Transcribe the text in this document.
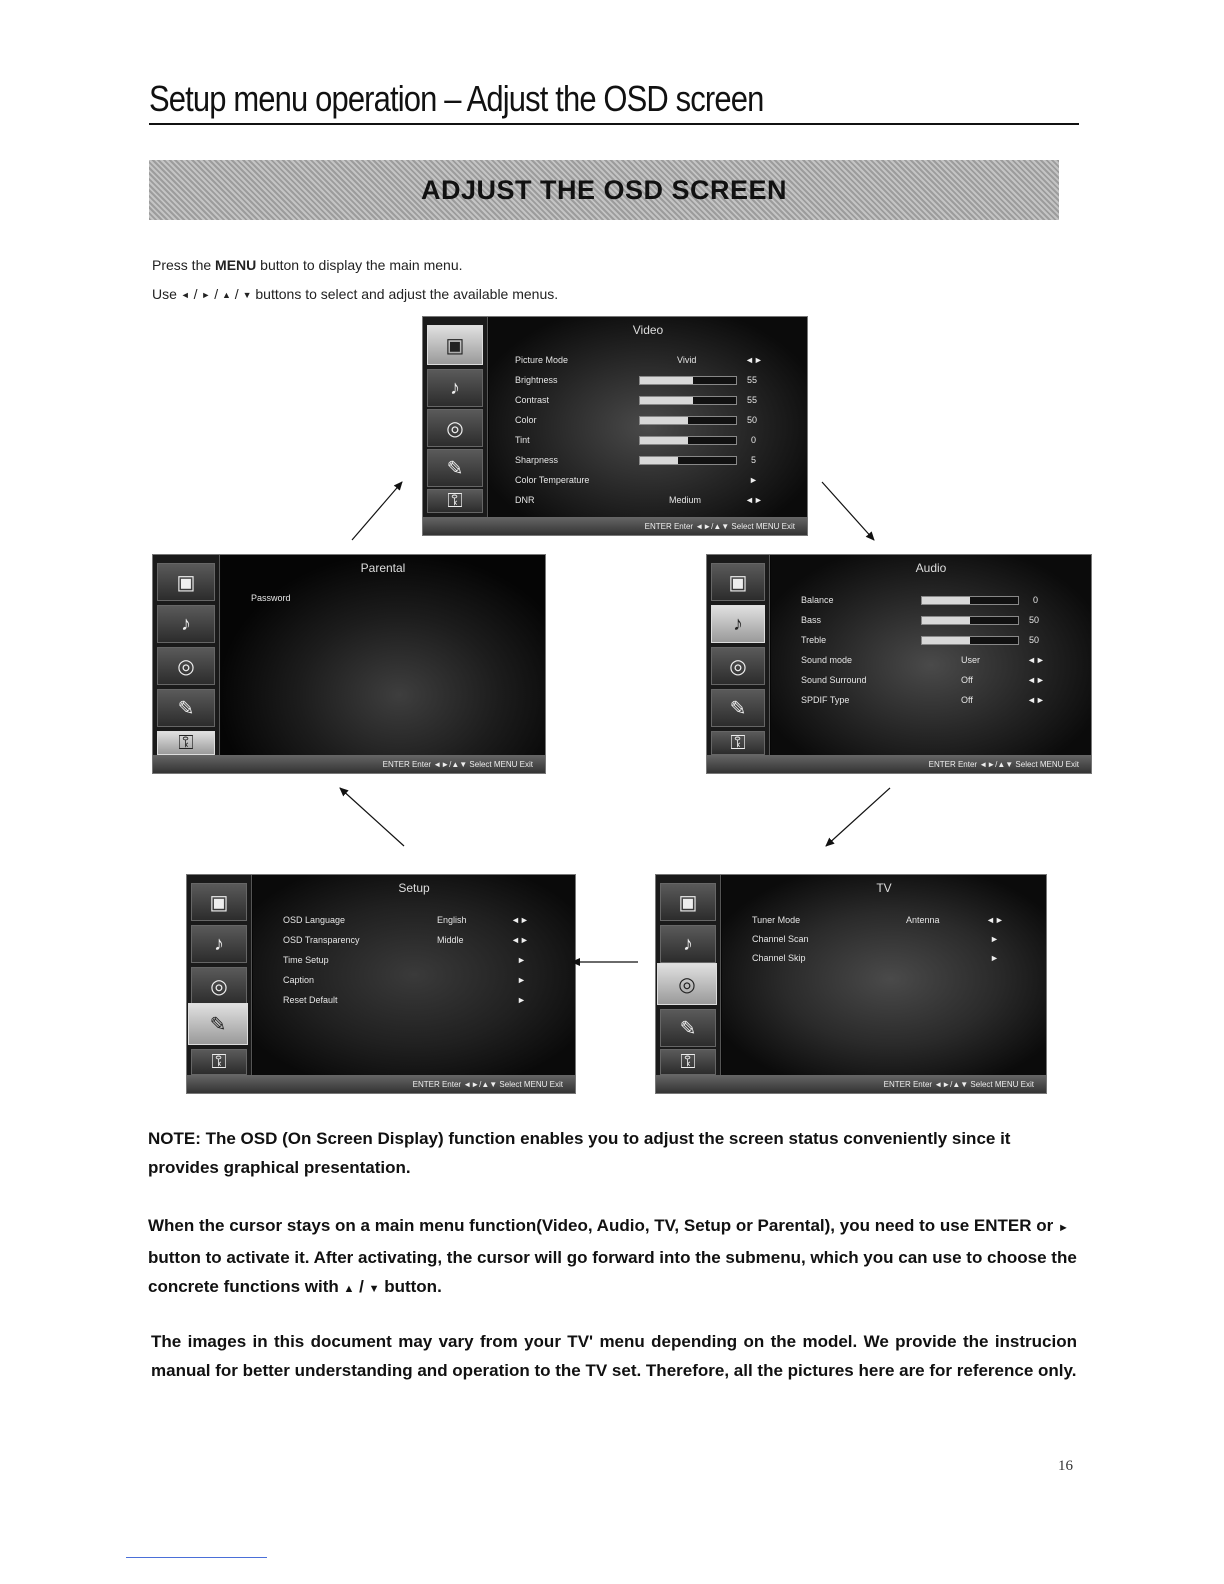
Setup menu operation – Adjust the OSD screen
ADJUST THE OSD SCREEN
Press the MENU button to display the main menu.
Use ◄ / ► / ▲ / ▼ buttons to select and adjust the available menus.
▣
♪
◎
✎
⚿
Video
Picture Mode	Vivid	◄►
Brightness	55
Contrast	55
Color	50
Tint	0
Sharpness	5
Color Temperature	►
DNR	Medium	◄►
ENTER Enter ◄►/▲▼ Select MENU Exit
▣
♪
◎
✎
⚿
Parental
Password
ENTER Enter ◄►/▲▼ Select MENU Exit
▣
♪
◎
✎
⚿
Audio
Balance	0
Bass	50
Treble	50
Sound mode	User	◄►
Sound Surround	Off	◄►
SPDIF Type	Off	◄►
ENTER Enter ◄►/▲▼ Select MENU Exit
▣
♪
◎
✎
⚿
Setup
OSD Language	English	◄►
OSD Transparency	Middle	◄►
Time Setup	►
Caption	►
Reset Default	►
ENTER Enter ◄►/▲▼ Select MENU Exit
▣
♪
◎
✎
⚿
TV
Tuner Mode	Antenna	◄►
Channel Scan	►
Channel Skip	►
ENTER Enter ◄►/▲▼ Select MENU Exit
NOTE: The OSD (On Screen Display) function enables you to adjust the screen status conveniently since it provides graphical presentation.
When the cursor stays on a main menu function(Video, Audio, TV, Setup or Parental), you need to use ENTER or ► button to activate it. After activating, the cursor will go forward into the submenu, which you can use to choose the concrete functions with ▲ / ▼ button.
The images in this document may vary from your TV' menu depending on the model. We provide the instrucion manual for better understanding and operation to the TV set. Therefore, all the pictures here are for reference only.
16
